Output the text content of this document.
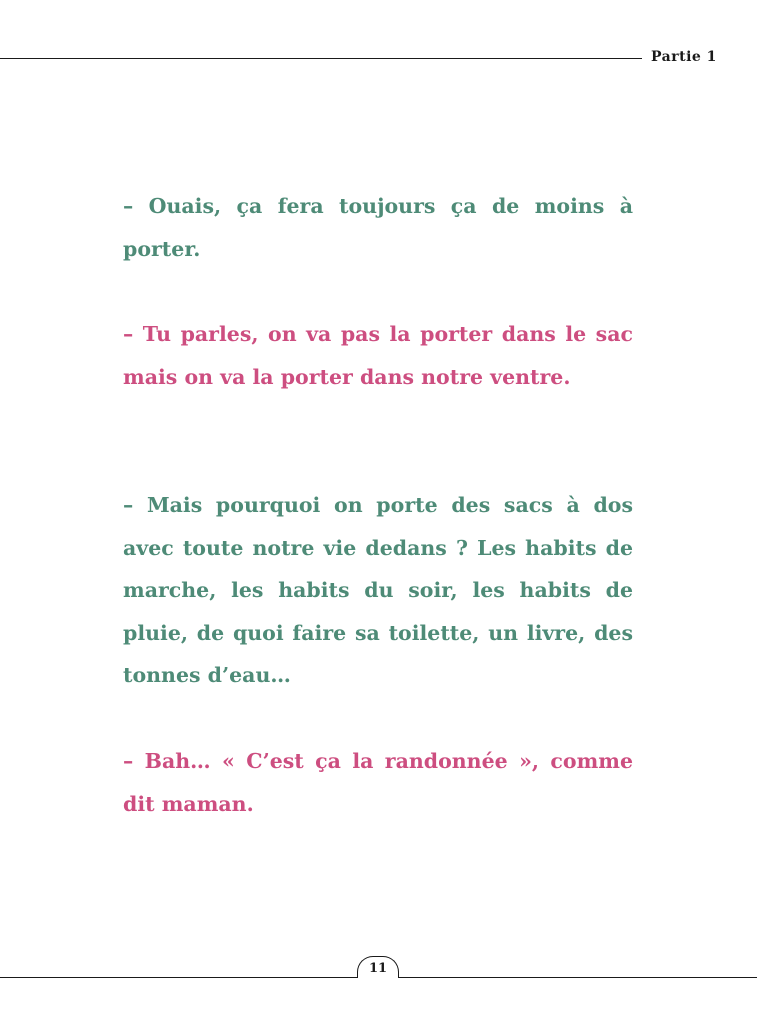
Partie 1

– Ouais, ça fera toujours ça de moins à porter.

– Tu parles, on va pas la porter dans le sac mais on va la porter dans notre ventre.

– Mais pourquoi on porte des sacs à dos avec toute notre vie dedans ? Les habits de marche, les habits du soir, les habits de pluie, de quoi faire sa toilette, un livre, des tonnes d’eau…

– Bah… « C’est ça la randonnée », comme dit maman.

11
